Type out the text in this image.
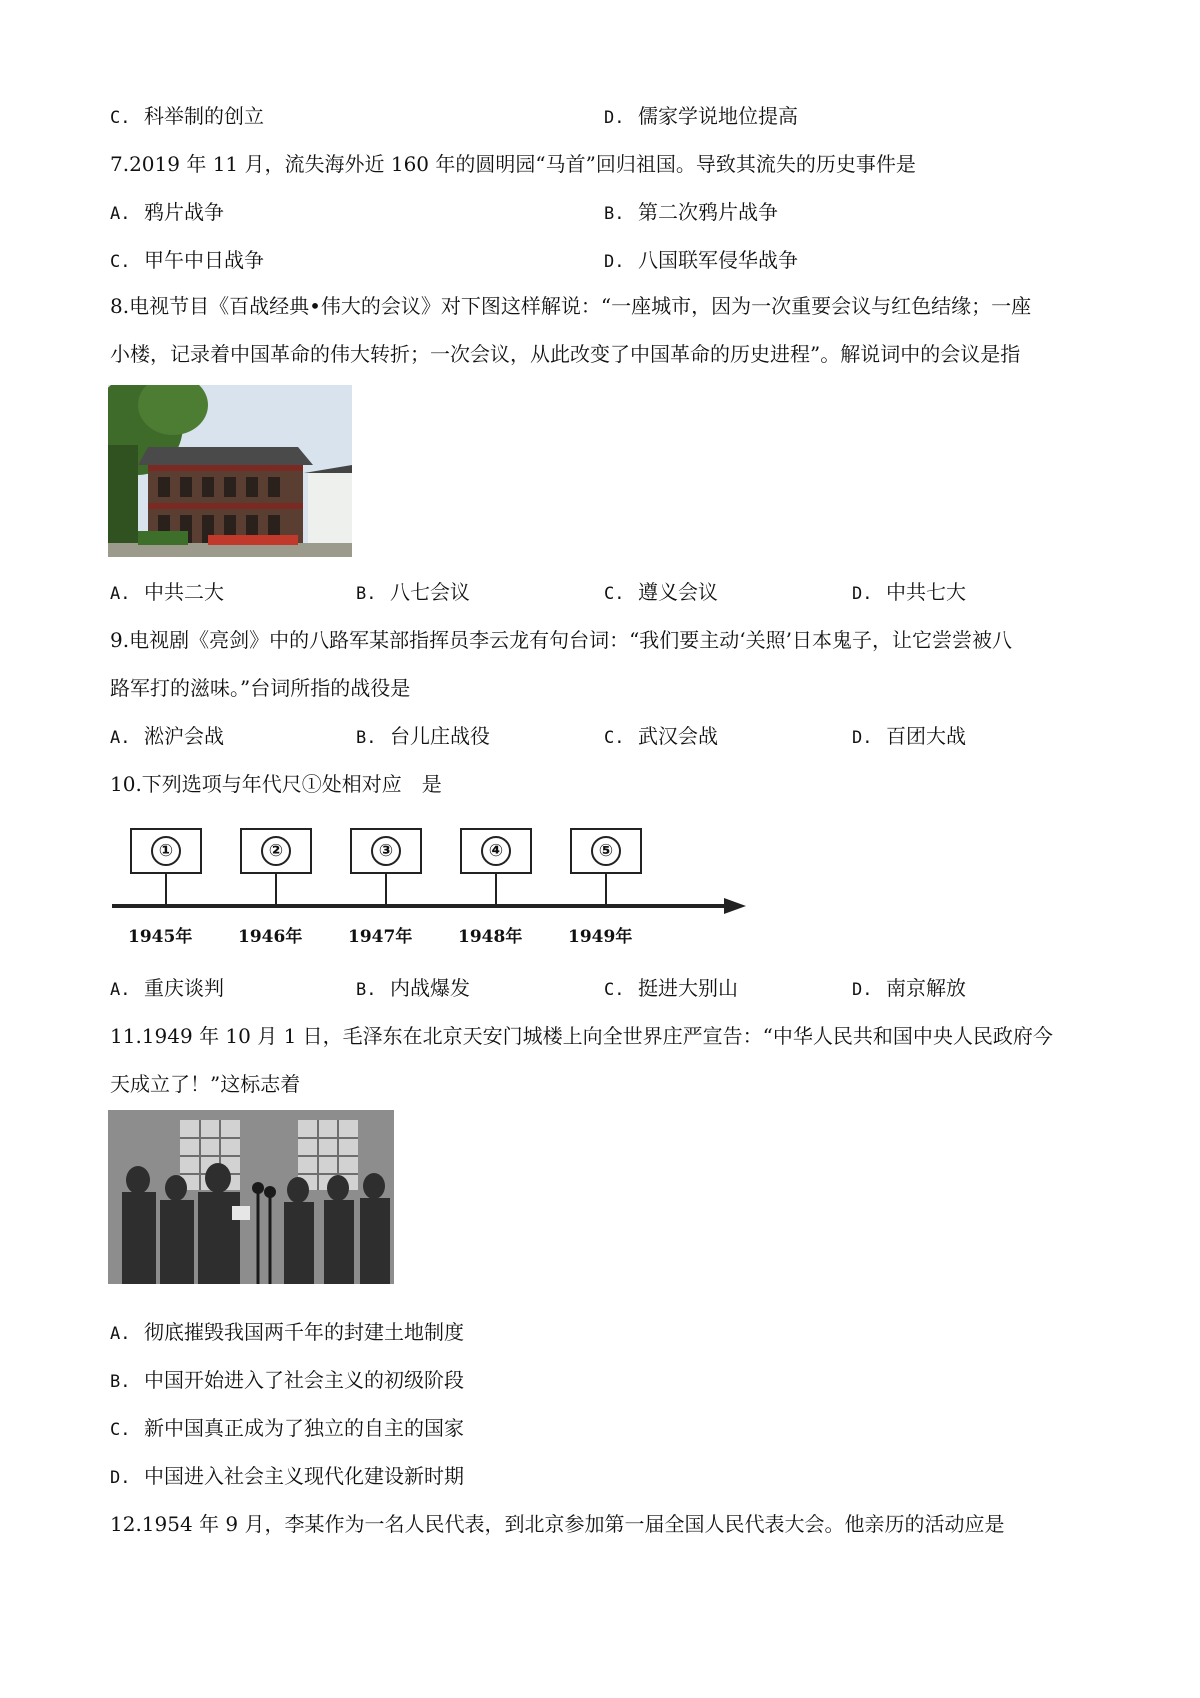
C. 科举制的创立	D. 儒家学说地位提高
7.2019 年 11 月，流失海外近 160 年的圆明园“马首”回归祖国。导致其流失的历史事件是
A. 鸦片战争	B. 第二次鸦片战争
C. 甲午中日战争	D. 八国联军侵华战争
8.电视节目《百战经典•伟大的会议》对下图这样解说：“一座城市，因为一次重要会议与红色结缘；一座
小楼，记录着中国革命的伟大转折；一次会议，从此改变了中国革命的历史进程”。解说词中的会议是指
A. 中共二大	B. 八七会议	C. 遵义会议	D. 中共七大
9.电视剧《亮剑》中的八路军某部指挥员李云龙有句台词：“我们要主动‘关照’日本鬼子，让它尝尝被八
路军打的滋味。”台词所指的战役是
A. 淞沪会战	B. 台儿庄战役	C. 武汉会战	D. 百团大战
10.下列选项与年代尺①处相对应　是
①	②	③	④	⑤
1945年	1946年	1947年	1948年	1949年
A. 重庆谈判	B. 内战爆发	C. 挺进大别山	D. 南京解放
11.1949 年 10 月 1 日，毛泽东在北京天安门城楼上向全世界庄严宣告：“中华人民共和国中央人民政府今
天成立了！”这标志着
A. 彻底摧毁我国两千年的封建土地制度
B. 中国开始进入了社会主义的初级阶段
C. 新中国真正成为了独立的自主的国家
D. 中国进入社会主义现代化建设新时期
12.1954 年 9 月，李某作为一名人民代表，到北京参加第一届全国人民代表大会。他亲历的活动应是
